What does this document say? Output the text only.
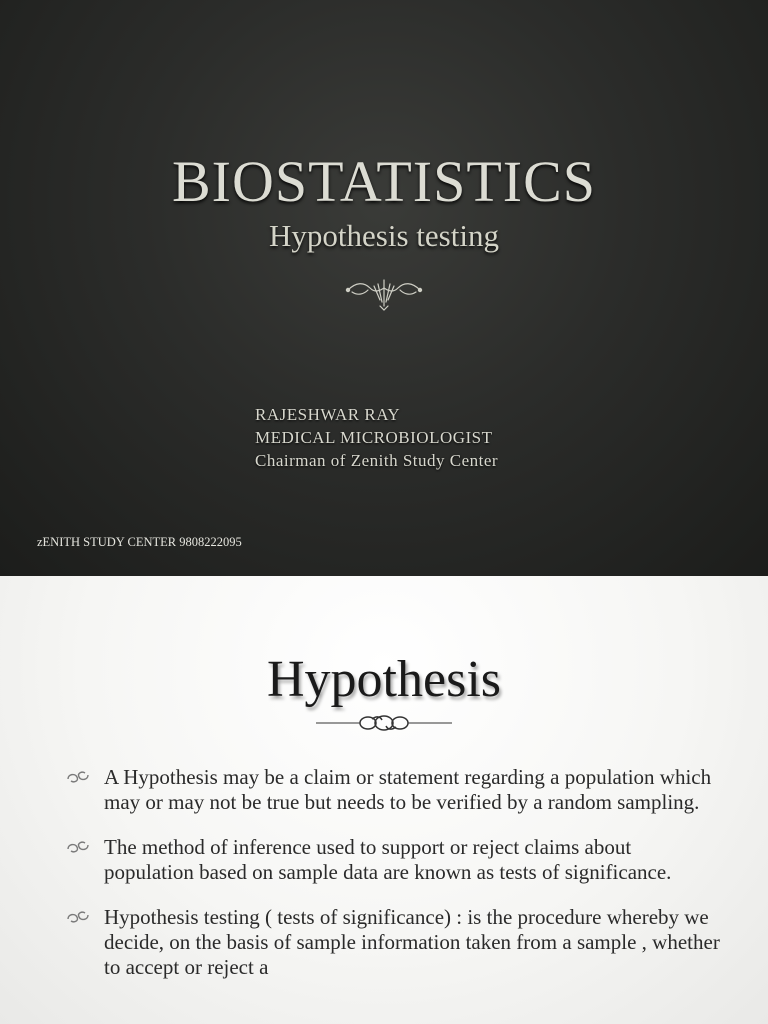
BIOSTATISTICS
Hypothesis testing
RAJESHWAR RAY
MEDICAL MICROBIOLOGIST
Chairman of Zenith Study Center
zENITH STUDY CENTER 9808222095
Hypothesis
A Hypothesis may be a claim or statement regarding a population which may or may not be true but needs to be verified by a random sampling.
The method of inference used to support or reject claims about population based on sample data are known as tests of significance.
Hypothesis testing ( tests of significance) : is the procedure whereby we decide, on the basis of sample information taken from a sample , whether to accept or reject a
